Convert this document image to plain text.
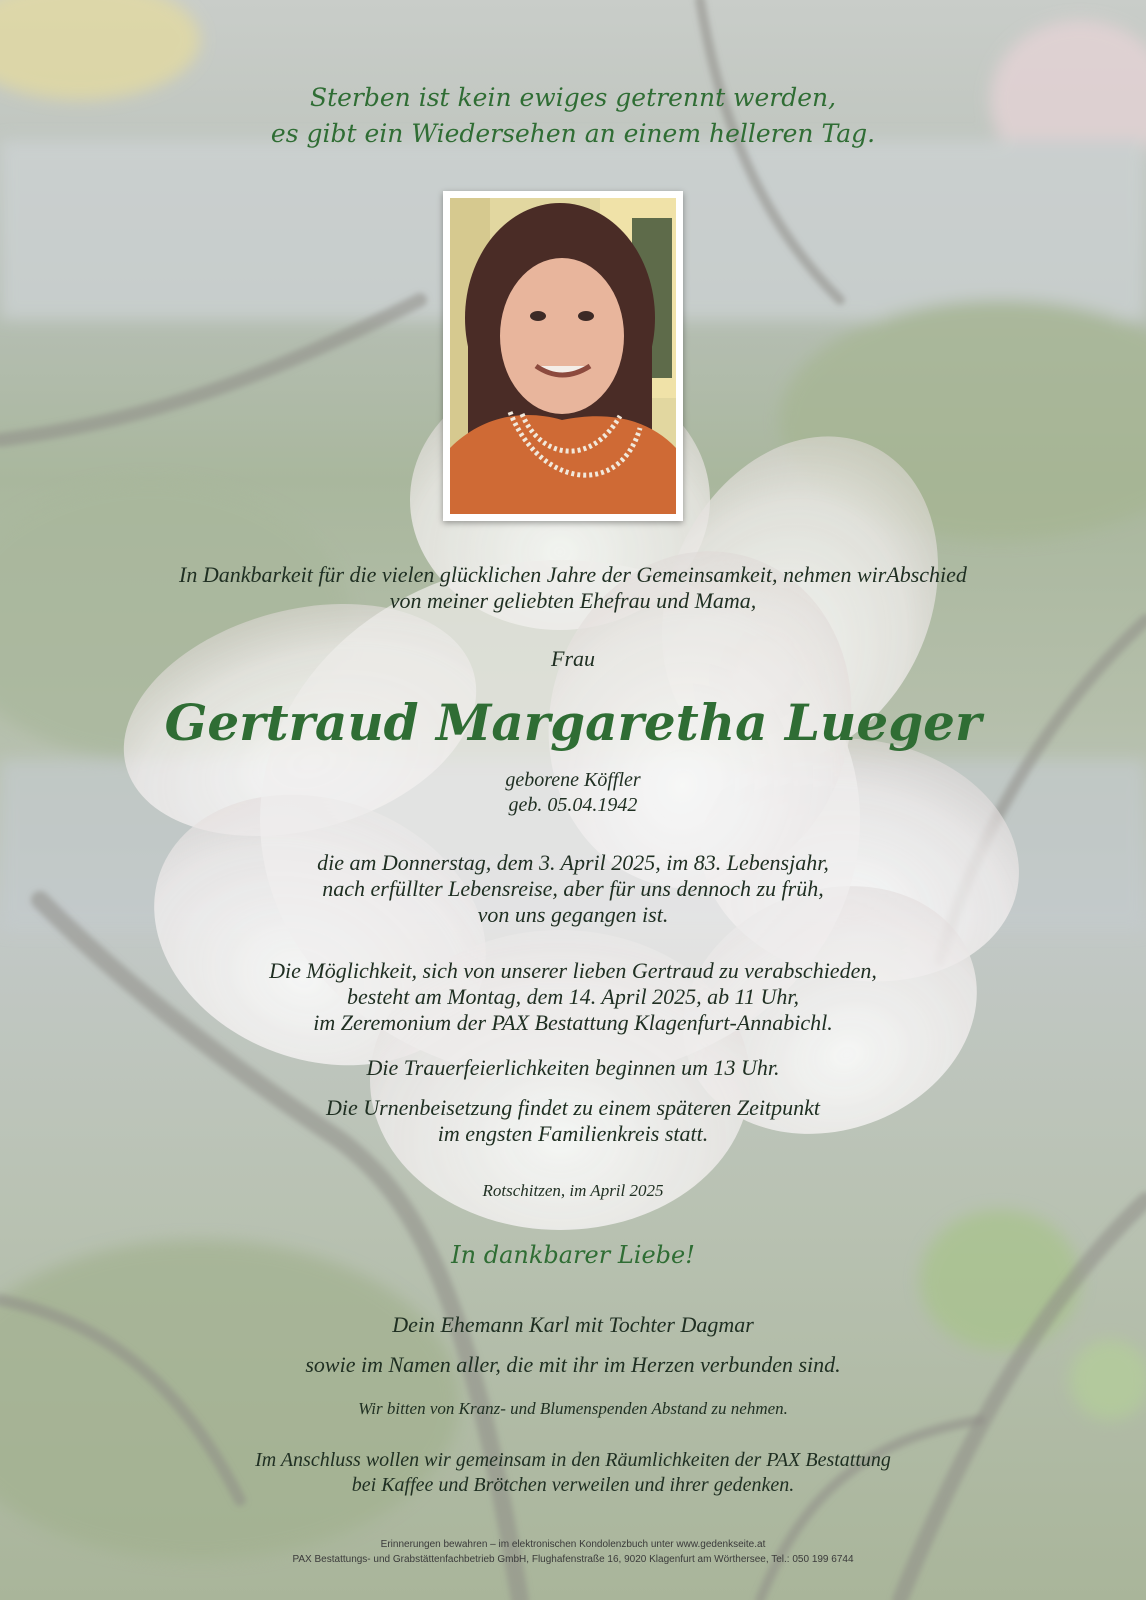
Sterben ist kein ewiges getrennt werden,
es gibt ein Wiedersehen an einem helleren Tag.
In Dankbarkeit für die vielen glücklichen Jahre der Gemeinsamkeit, nehmen wirAbschied
von meiner geliebten Ehefrau und Mama,
Frau
Gertraud Margaretha Lueger
geborene Köffler
geb. 05.04.1942
die am Donnerstag, dem 3. April 2025, im 83. Lebensjahr,
nach erfüllter Lebensreise, aber für uns dennoch zu früh,
von uns gegangen ist.
Die Möglichkeit, sich von unserer lieben Gertraud zu verabschieden,
besteht am Montag, dem 14. April 2025, ab 11 Uhr,
im Zeremonium der PAX Bestattung Klagenfurt-Annabichl.
Die Trauerfeierlichkeiten beginnen um 13 Uhr.
Die Urnenbeisetzung findet zu einem späteren Zeitpunkt
im engsten Familienkreis statt.
Rotschitzen, im April 2025
In dankbarer Liebe!
Dein Ehemann Karl mit Tochter Dagmar
sowie im Namen aller, die mit ihr im Herzen verbunden sind.
Wir bitten von Kranz- und Blumenspenden Abstand zu nehmen.
Im Anschluss wollen wir gemeinsam in den Räumlichkeiten der PAX Bestattung
bei Kaffee und Brötchen verweilen und ihrer gedenken.
Erinnerungen bewahren – im elektronischen Kondolenzbuch unter www.gedenkseite.at
PAX Bestattungs- und Grabstättenfachbetrieb GmbH, Flughafenstraße 16, 9020 Klagenfurt am Wörthersee, Tel.: 050 199 6744
